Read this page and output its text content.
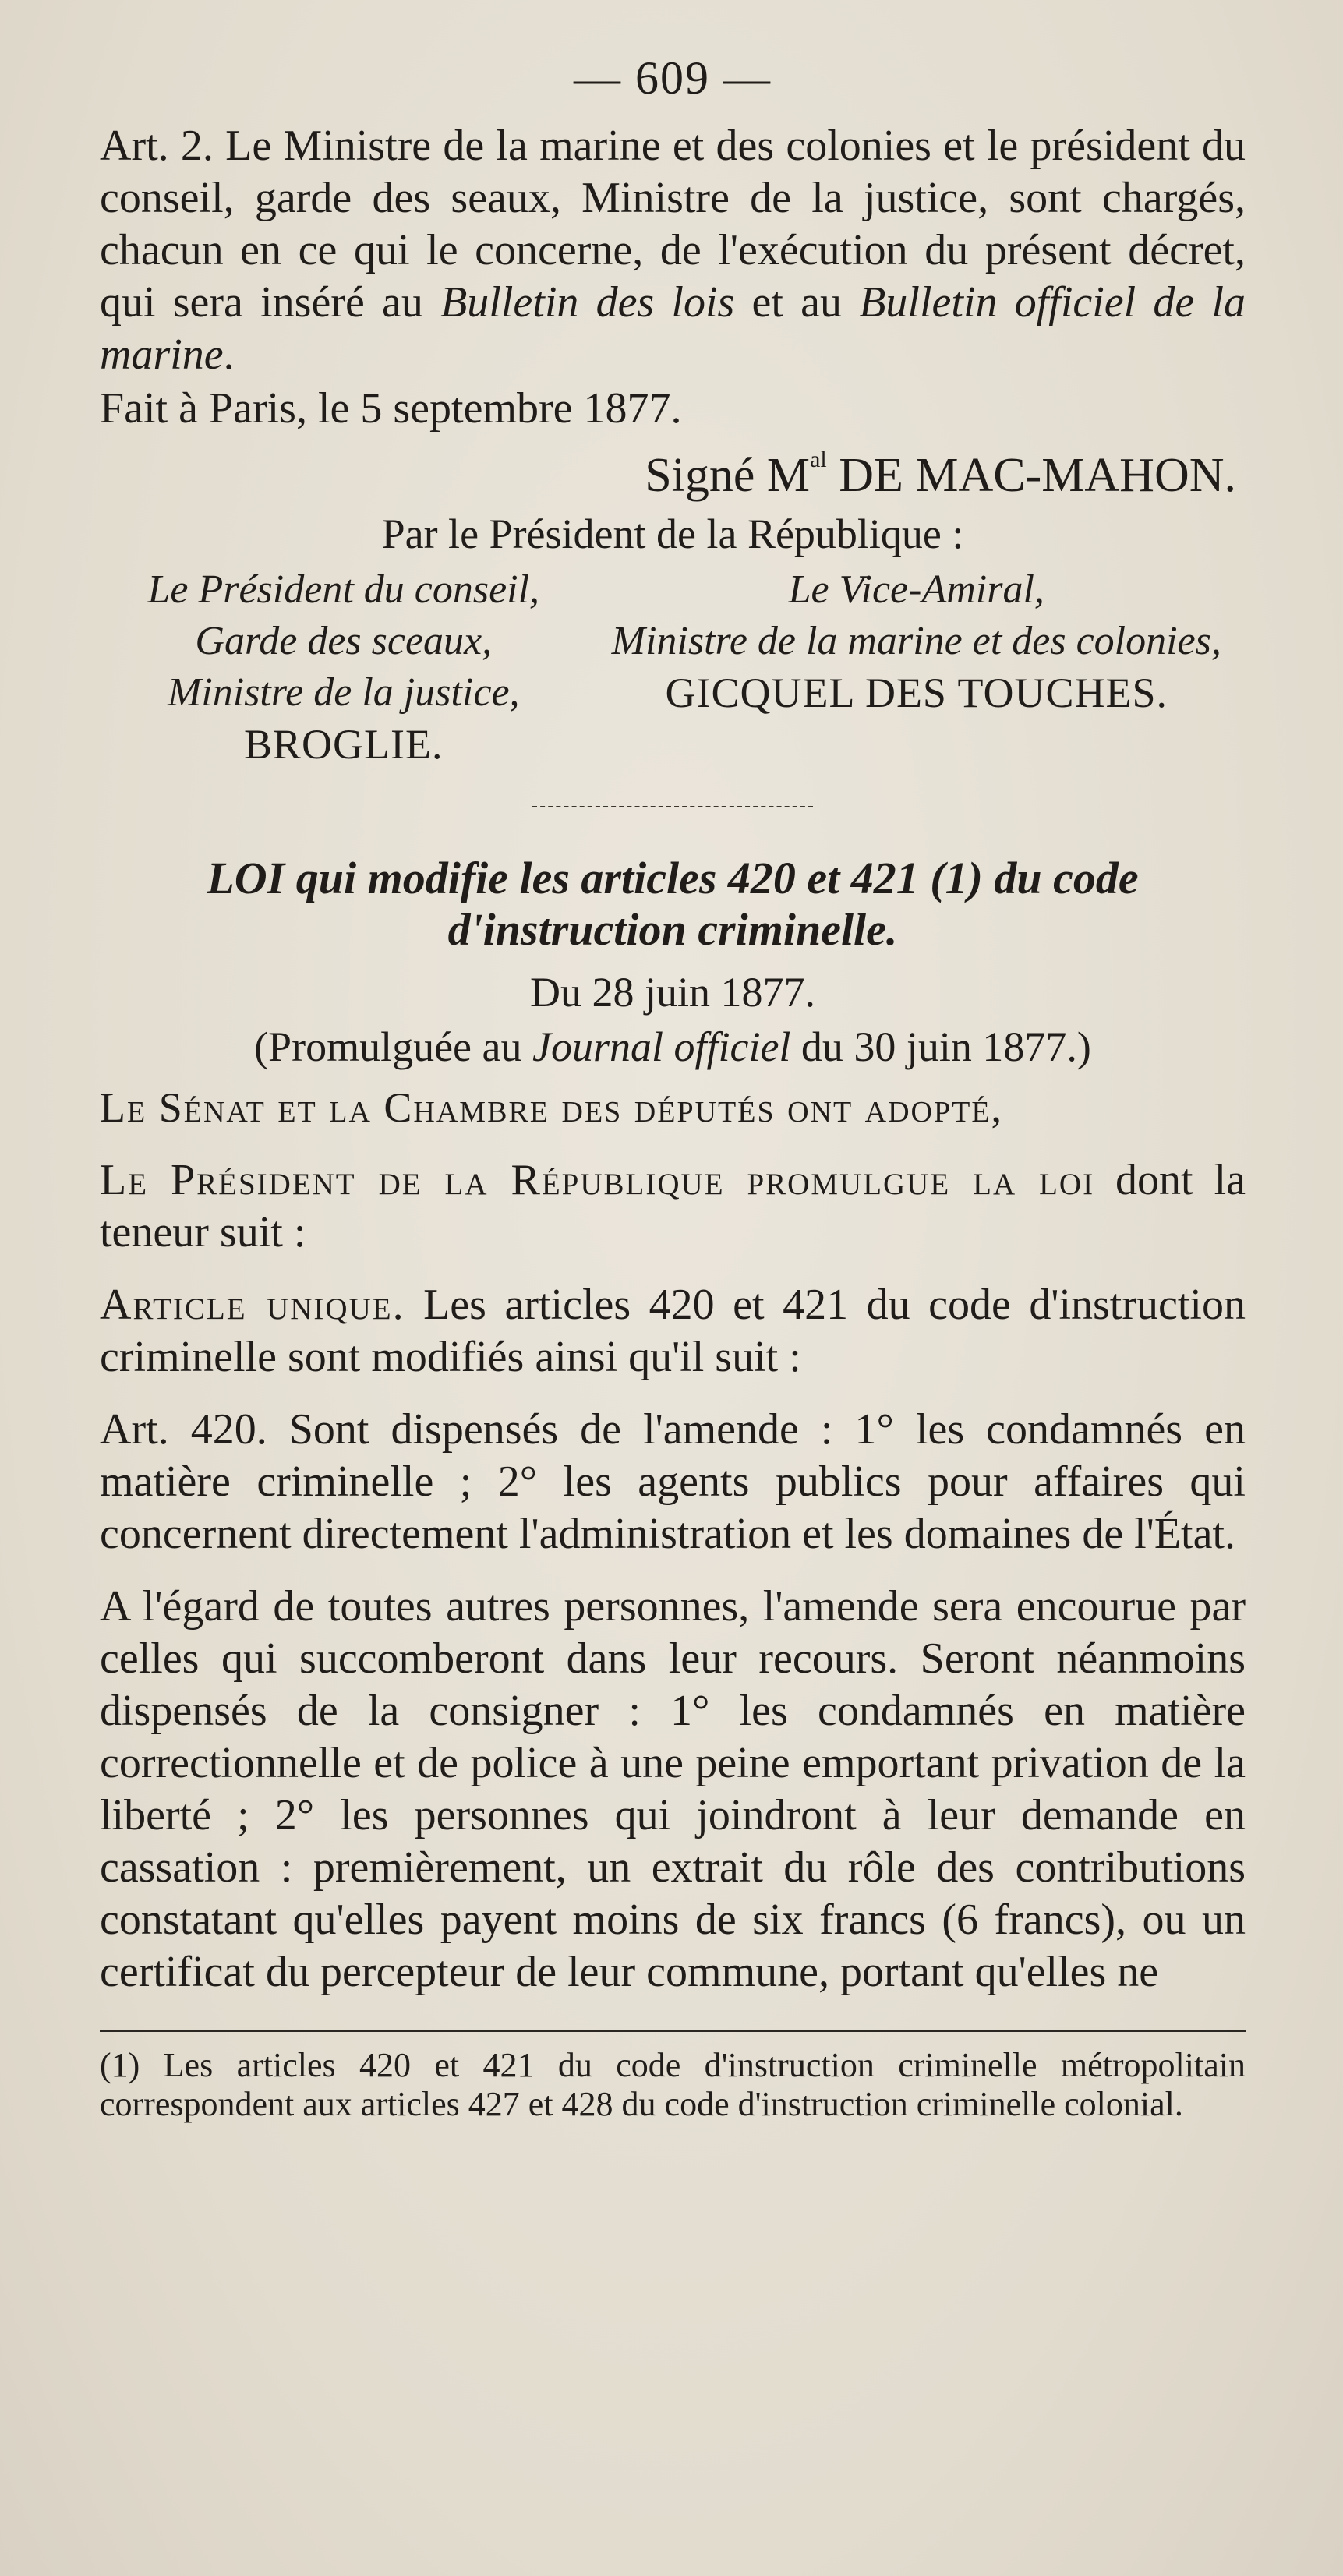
— 609 —

Art. 2. Le Ministre de la marine et des colonies et le président du conseil, garde des seaux, Ministre de la justice, sont chargés, chacun en ce qui le concerne, de l'exécution du présent décret, qui sera inséré au Bulletin des lois et au Bulletin officiel de la marine.

Fait à Paris, le 5 septembre 1877.

Signé $M^{al}$ DE MAC-MAHON.
Par le Président de la République :
Le Président du conseil,	Le Vice-Amiral,
Garde des sceaux,	Ministre de la marine et des colonies,
Ministre de la justice,	GICQUEL DES TOUCHES.
BROGLIE.
LOI qui modifie les articles 420 et 421 (1) du code
d'instruction criminelle.
Du 28 juin 1877.
(Promulguée au Journal officiel du 30 juin 1877.)

Le Sénat et la Chambre des députés ont adopté,

Le Président de la République promulgue la loi dont la teneur suit :

Article unique. Les articles 420 et 421 du code d'instruction criminelle sont modifiés ainsi qu'il suit :

Art. 420. Sont dispensés de l'amende : 1° les condamnés en matière criminelle ; 2° les agents publics pour affaires qui concernent directement l'administration et les domaines de l'État.

A l'égard de toutes autres personnes, l'amende sera encourue par celles qui succomberont dans leur recours. Seront néanmoins dispensés de la consigner : 1° les condamnés en matière correctionnelle et de police à une peine emportant privation de la liberté ; 2° les personnes qui joindront à leur demande en cassation : premièrement, un extrait du rôle des contributions constatant qu'elles payent moins de six francs (6 francs), ou un certificat du percepteur de leur commune, portant qu'elles ne

(1) Les articles 420 et 421 du code d'instruction criminelle métropolitain correspondent aux articles 427 et 428 du code d'instruction criminelle colonial.
